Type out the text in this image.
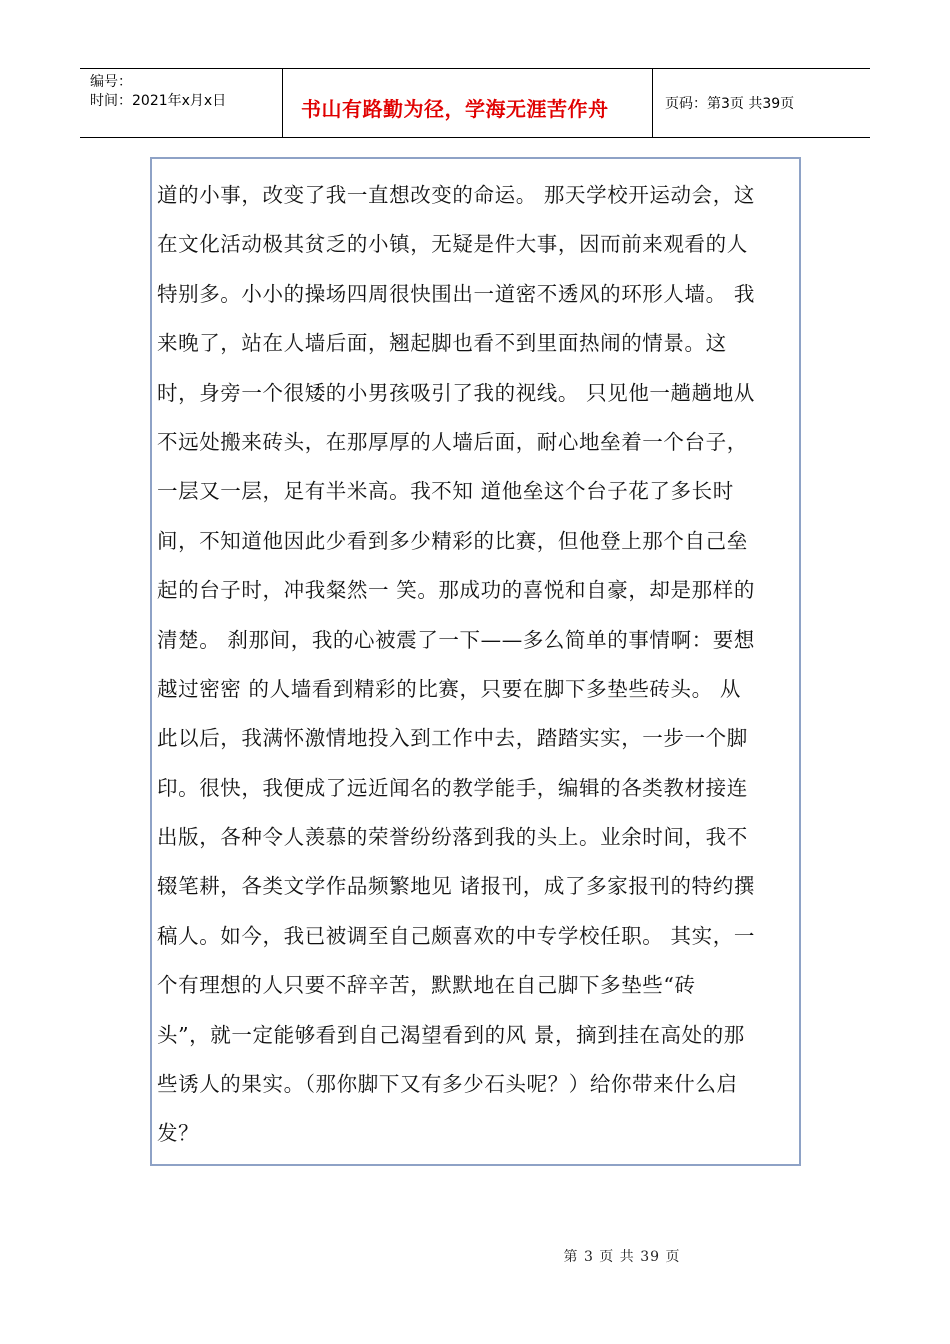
编号：
时间：2021年x月x日	书山有路勤为径，学海无涯苦作舟	页码：第3页 共39页
道的小事，改变了我一直想改变的命运。 那天学校开运动会，这
在文化活动极其贫乏的小镇，无疑是件大事，因而前来观看的人
特别多。小小的操场四周很快围出一道密不透风的环形人墙。 我
来晚了，站在人墙后面，翘起脚也看不到里面热闹的情景。这
时，身旁一个很矮的小男孩吸引了我的视线。 只见他一趟趟地从
不远处搬来砖头，在那厚厚的人墙后面，耐心地垒着一个台子，
一层又一层，足有半米高。我不知 道他垒这个台子花了多长时
间，不知道他因此少看到多少精彩的比赛，但他登上那个自己垒
起的台子时，冲我粲然一 笑。那成功的喜悦和自豪，却是那样的
清楚。 刹那间，我的心被震了一下——多么简单的事情啊：要想
越过密密 的人墙看到精彩的比赛，只要在脚下多垫些砖头。 从
此以后，我满怀激情地投入到工作中去，踏踏实实，一步一个脚
印。很快，我便成了远近闻名的教学能手，编辑的各类教材接连
出版，各种令人羡慕的荣誉纷纷落到我的头上。业余时间，我不
辍笔耕，各类文学作品频繁地见 诸报刊，成了多家报刊的特约撰
稿人。如今，我已被调至自己颇喜欢的中专学校任职。 其实，一
个有理想的人只要不辞辛苦，默默地在自己脚下多垫些“砖
头”，就一定能够看到自己渴望看到的风 景，摘到挂在高处的那
些诱人的果实。（那你脚下又有多少石头呢？）给你带来什么启
发？
第 3 页 共 39 页
